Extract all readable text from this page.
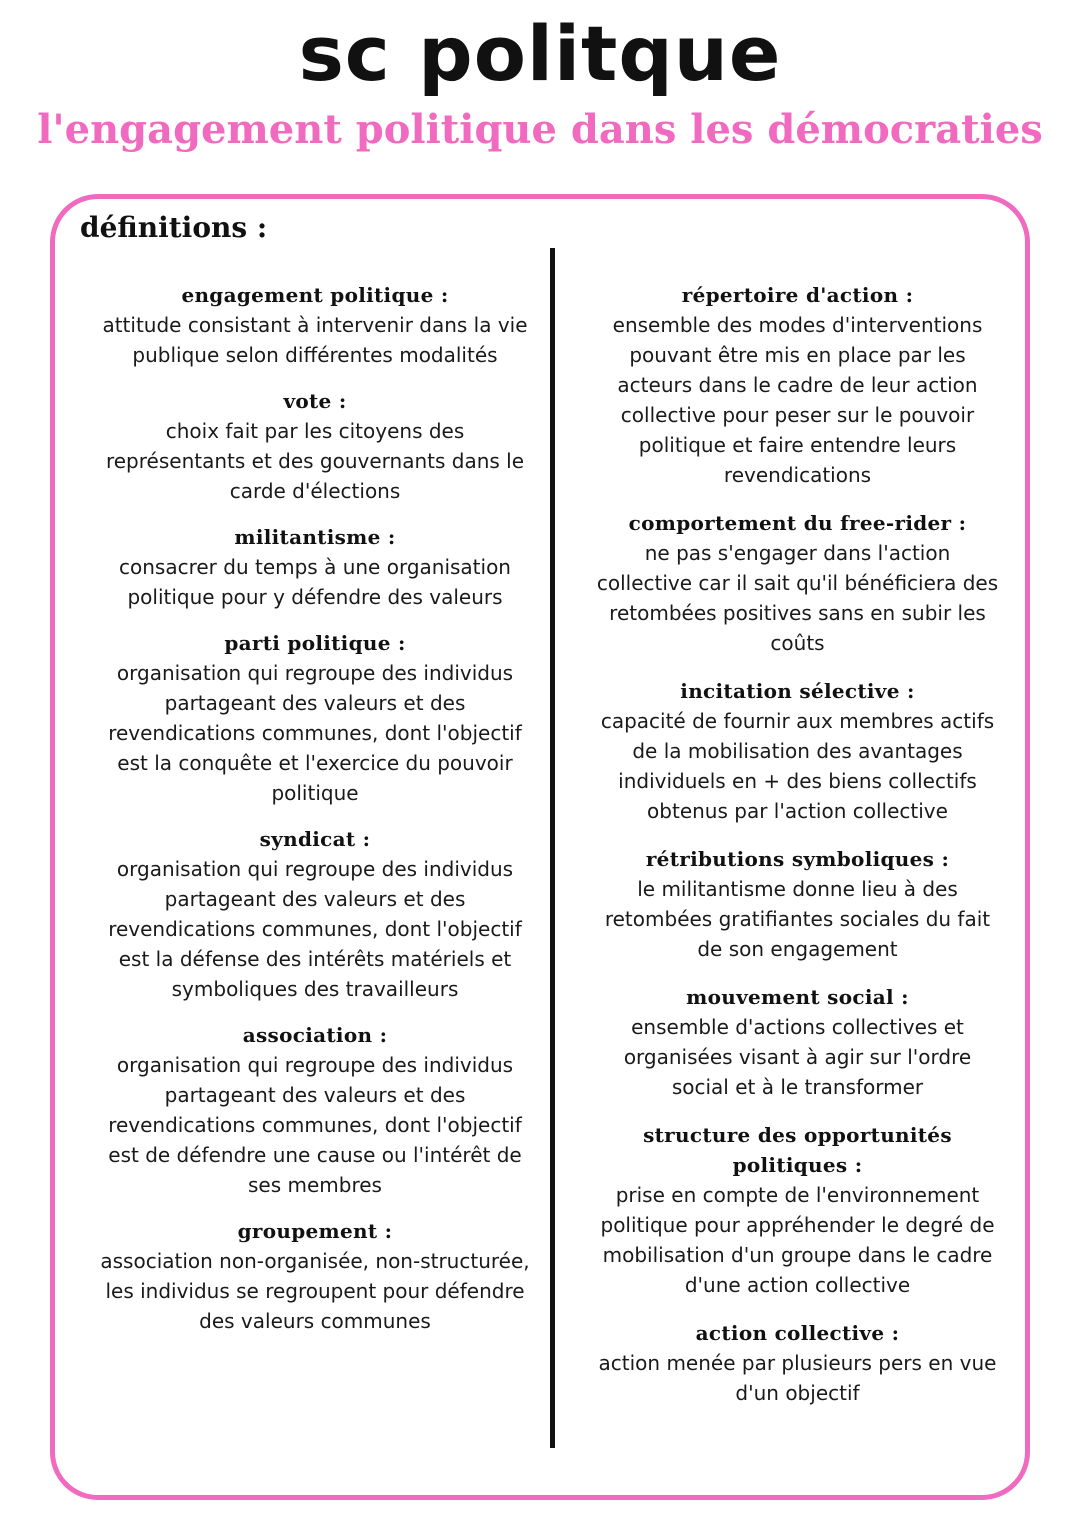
sc politque
l'engagement politique dans les démocraties
définitions :
engagement politique :
attitude consistant à intervenir dans la vie publique selon différentes modalités
vote :
choix fait par les citoyens des représentants et des gouvernants dans le carde d'élections
militantisme :
consacrer du temps à une organisation politique pour y défendre des valeurs
parti politique :
organisation qui regroupe des individus partageant des valeurs et des revendications communes, dont l'objectif est la conquête et l'exercice du pouvoir politique
syndicat :
organisation qui regroupe des individus partageant des valeurs et des revendications communes, dont l'objectif est la défense des intérêts matériels et symboliques des travailleurs
association :
organisation qui regroupe des individus partageant des valeurs et des revendications communes, dont l'objectif est de défendre une cause ou l'intérêt de ses membres
groupement :
association non-organisée, non-structurée, les individus se regroupent pour défendre des valeurs communes
répertoire d'action :
ensemble des modes d'interventions pouvant être mis en place par les acteurs dans le cadre de leur action collective pour peser sur le pouvoir politique et faire entendre leurs revendications
comportement du free-rider :
ne pas s'engager dans l'action collective car il sait qu'il bénéficiera des retombées positives sans en subir les coûts
incitation sélective :
capacité de fournir aux membres actifs de la mobilisation des avantages individuels en + des biens collectifs obtenus par l'action collective
rétributions symboliques :
le militantisme donne lieu à des retombées gratifiantes sociales du fait de son engagement
mouvement social :
ensemble d'actions collectives et organisées visant à agir sur l'ordre social et à le transformer
structure des opportunités politiques :
prise en compte de l'environnement politique pour appréhender le degré de mobilisation d'un groupe dans le cadre d'une action collective
action collective :
action menée par plusieurs pers en vue d'un objectif
